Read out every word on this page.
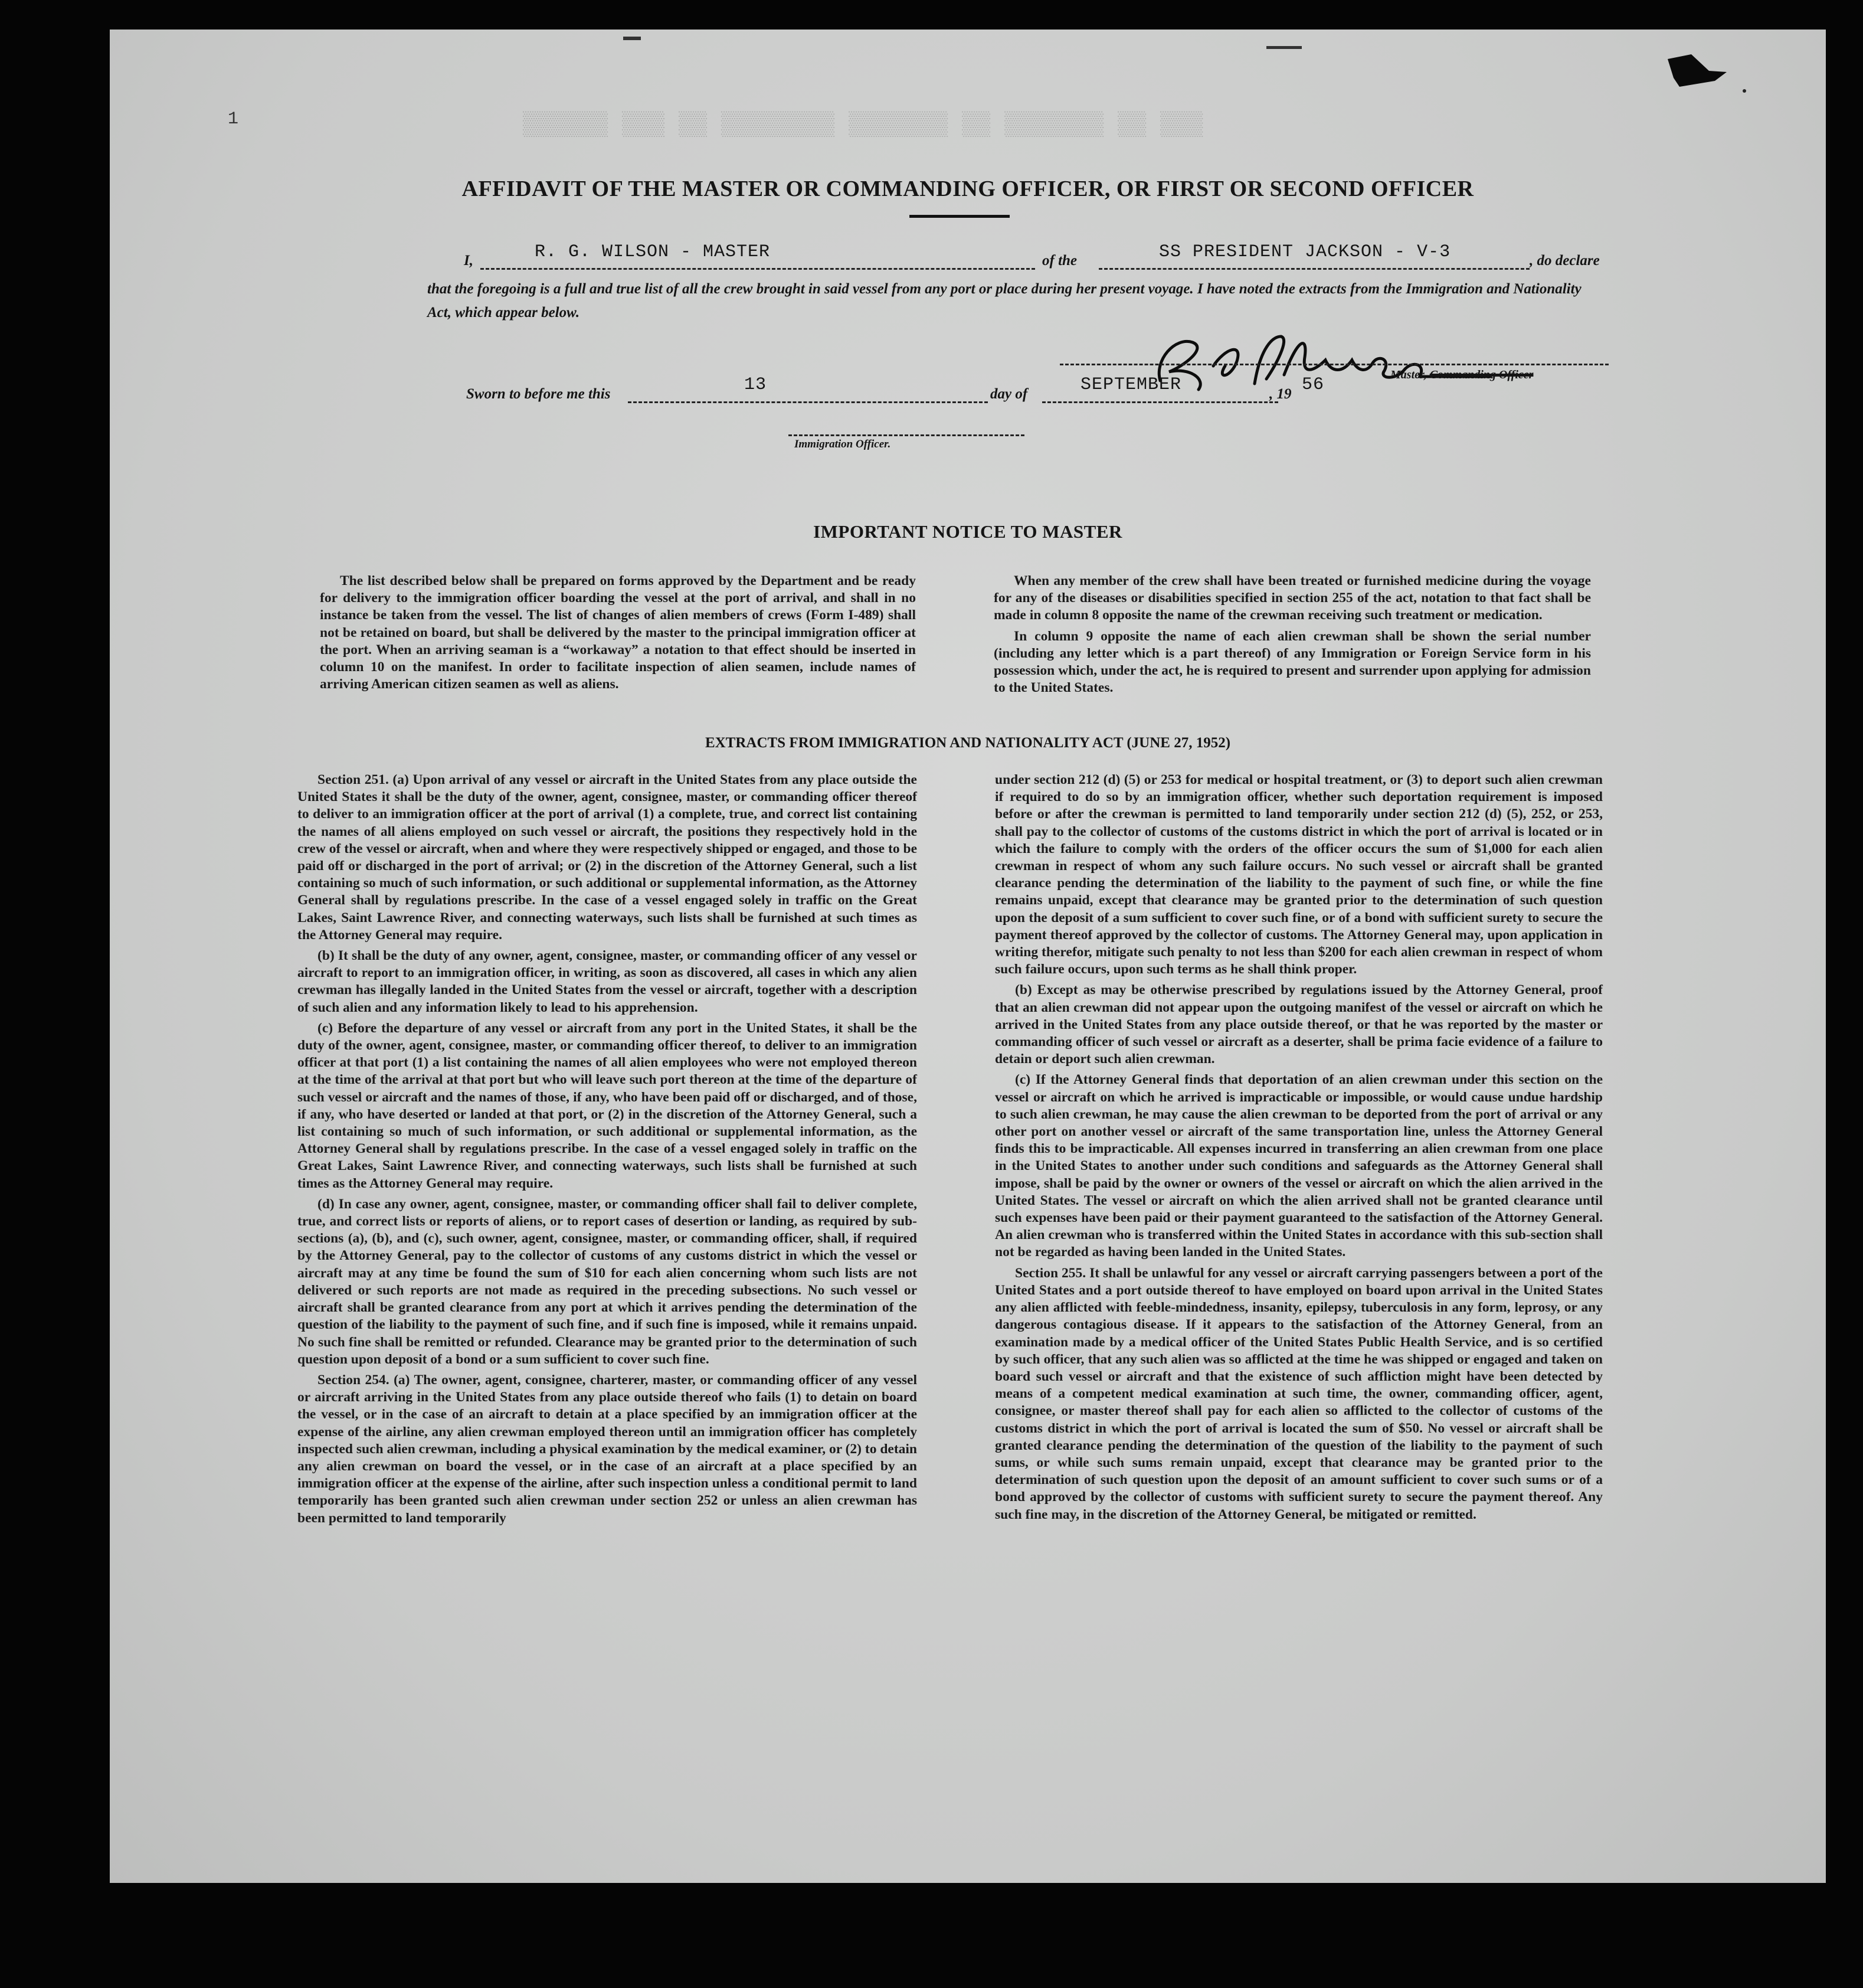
▒▒▒ ▒▒ ▒▒▒▒▒▒▒ ▒▒ ▒▒▒▒▒▒▒ ▒▒▒▒▒▒▒▒ ▒▒ ▒▒▒ ▒▒▒▒▒▒
1
AFFIDAVIT OF THE MASTER OR COMMANDING OFFICER, OR FIRST OR SECOND OFFICER
I,	R. G. WILSON - MASTER	of the	SS PRESIDENT JACKSON - V-3	, do declare
that the foregoing is a full and true list of all the crew brought in said vessel from any port or place during her present voyage. I have noted the extracts from the Immigration and Nationality Act, which appear below.
Master, Commanding Officer
Sworn to before me this	13	day of	SEPTEMBER	, 19 56
Immigration Officer.
IMPORTANT NOTICE TO MASTER

The list described below shall be prepared on forms approved by the Department and be ready for delivery to the immigration officer boarding the vessel at the port of arrival, and shall in no instance be taken from the vessel. The list of changes of alien members of crews (Form I-489) shall not be retained on board, but shall be delivered by the master to the principal immigration officer at the port. When an arriving seaman is a “workaway” a notation to that effect should be inserted in column 10 on the manifest. In order to facilitate inspection of alien seamen, include names of arriving American citizen seamen as well as aliens.

When any member of the crew shall have been treated or furnished medicine during the voyage for any of the diseases or disabilities specified in section 255 of the act, notation to that fact shall be made in column 8 opposite the name of the crewman receiving such treatment or medication.

In column 9 opposite the name of each alien crewman shall be shown the serial number (including any letter which is a part thereof) of any Immigration or Foreign Service form in his possession which, under the act, he is required to present and surrender upon applying for admission to the United States.

EXTRACTS FROM IMMIGRATION AND NATIONALITY ACT (JUNE 27, 1952)

Section 251. (a) Upon arrival of any vessel or aircraft in the United States from any place outside the United States it shall be the duty of the owner, agent, consignee, master, or commanding officer thereof to deliver to an immigration officer at the port of arrival (1) a complete, true, and correct list containing the names of all aliens employed on such vessel or aircraft, the positions they respectively hold in the crew of the vessel or aircraft, when and where they were respectively shipped or engaged, and those to be paid off or discharged in the port of arrival; or (2) in the discretion of the Attorney General, such a list containing so much of such information, or such additional or supplemental information, as the Attorney General shall by regulations prescribe. In the case of a vessel engaged solely in traffic on the Great Lakes, Saint Lawrence River, and connecting waterways, such lists shall be furnished at such times as the Attorney General may require.

(b) It shall be the duty of any owner, agent, consignee, master, or commanding officer of any vessel or aircraft to report to an immigration officer, in writing, as soon as discovered, all cases in which any alien crewman has illegally landed in the United States from the vessel or aircraft, together with a description of such alien and any information likely to lead to his apprehension.

(c) Before the departure of any vessel or aircraft from any port in the United States, it shall be the duty of the owner, agent, consignee, master, or commanding officer thereof, to deliver to an immigration officer at that port (1) a list containing the names of all alien employees who were not employed thereon at the time of the arrival at that port but who will leave such port thereon at the time of the departure of such vessel or aircraft and the names of those, if any, who have been paid off or discharged, and of those, if any, who have deserted or landed at that port, or (2) in the discretion of the Attorney General, such a list containing so much of such information, or such additional or supplemental information, as the Attorney General shall by regulations prescribe. In the case of a vessel engaged solely in traffic on the Great Lakes, Saint Lawrence River, and connecting waterways, such lists shall be furnished at such times as the Attorney General may require.

(d) In case any owner, agent, consignee, master, or commanding officer shall fail to deliver complete, true, and correct lists or reports of aliens, or to report cases of desertion or landing, as required by sub-sections (a), (b), and (c), such owner, agent, consignee, master, or commanding officer, shall, if required by the Attorney General, pay to the collector of customs of any customs district in which the vessel or aircraft may at any time be found the sum of $10 for each alien concerning whom such lists are not delivered or such reports are not made as required in the preceding subsections. No such vessel or aircraft shall be granted clearance from any port at which it arrives pending the determination of the question of the liability to the payment of such fine, and if such fine is imposed, while it remains unpaid. No such fine shall be remitted or refunded. Clearance may be granted prior to the determination of such question upon deposit of a bond or a sum sufficient to cover such fine.

Section 254. (a) The owner, agent, consignee, charterer, master, or commanding officer of any vessel or aircraft arriving in the United States from any place outside thereof who fails (1) to detain on board the vessel, or in the case of an aircraft to detain at a place specified by an immigration officer at the expense of the airline, any alien crewman employed thereon until an immigration officer has completely inspected such alien crewman, including a physical examination by the medical examiner, or (2) to detain any alien crewman on board the vessel, or in the case of an aircraft at a place specified by an immigration officer at the expense of the airline, after such inspection unless a conditional permit to land temporarily has been granted such alien crewman under section 252 or unless an alien crewman has been permitted to land temporarily

under section 212 (d) (5) or 253 for medical or hospital treatment, or (3) to deport such alien crewman if required to do so by an immigration officer, whether such deportation requirement is imposed before or after the crewman is permitted to land temporarily under section 212 (d) (5), 252, or 253, shall pay to the collector of customs of the customs district in which the port of arrival is located or in which the failure to comply with the orders of the officer occurs the sum of $1,000 for each alien crewman in respect of whom any such failure occurs. No such vessel or aircraft shall be granted clearance pending the determination of the liability to the payment of such fine, or while the fine remains unpaid, except that clearance may be granted prior to the determination of such question upon the deposit of a sum sufficient to cover such fine, or of a bond with sufficient surety to secure the payment thereof approved by the collector of customs. The Attorney General may, upon application in writing therefor, mitigate such penalty to not less than $200 for each alien crewman in respect of whom such failure occurs, upon such terms as he shall think proper.

(b) Except as may be otherwise prescribed by regulations issued by the Attorney General, proof that an alien crewman did not appear upon the outgoing manifest of the vessel or aircraft on which he arrived in the United States from any place outside thereof, or that he was reported by the master or commanding officer of such vessel or aircraft as a deserter, shall be prima facie evidence of a failure to detain or deport such alien crewman.

(c) If the Attorney General finds that deportation of an alien crewman under this section on the vessel or aircraft on which he arrived is impracticable or impossible, or would cause undue hardship to such alien crewman, he may cause the alien crewman to be deported from the port of arrival or any other port on another vessel or aircraft of the same transportation line, unless the Attorney General finds this to be impracticable. All expenses incurred in transferring an alien crewman from one place in the United States to another under such conditions and safeguards as the Attorney General shall impose, shall be paid by the owner or owners of the vessel or aircraft on which the alien arrived in the United States. The vessel or aircraft on which the alien arrived shall not be granted clearance until such expenses have been paid or their payment guaranteed to the satisfaction of the Attorney General. An alien crewman who is transferred within the United States in accordance with this sub-section shall not be regarded as having been landed in the United States.

Section 255. It shall be unlawful for any vessel or aircraft carrying passengers between a port of the United States and a port outside thereof to have employed on board upon arrival in the United States any alien afflicted with feeble-mindedness, insanity, epilepsy, tuberculosis in any form, leprosy, or any dangerous contagious disease. If it appears to the satisfaction of the Attorney General, from an examination made by a medical officer of the United States Public Health Service, and is so certified by such officer, that any such alien was so afflicted at the time he was shipped or engaged and taken on board such vessel or aircraft and that the existence of such affliction might have been detected by means of a competent medical examination at such time, the owner, commanding officer, agent, consignee, or master thereof shall pay for each alien so afflicted to the collector of customs of the customs district in which the port of arrival is located the sum of $50. No vessel or aircraft shall be granted clearance pending the determination of the question of the liability to the payment of such sums, or while such sums remain unpaid, except that clearance may be granted prior to the determination of such question upon the deposit of an amount sufficient to cover such sums or of a bond approved by the collector of customs with sufficient surety to secure the payment thereof. Any such fine may, in the discretion of the Attorney General, be mitigated or remitted.
